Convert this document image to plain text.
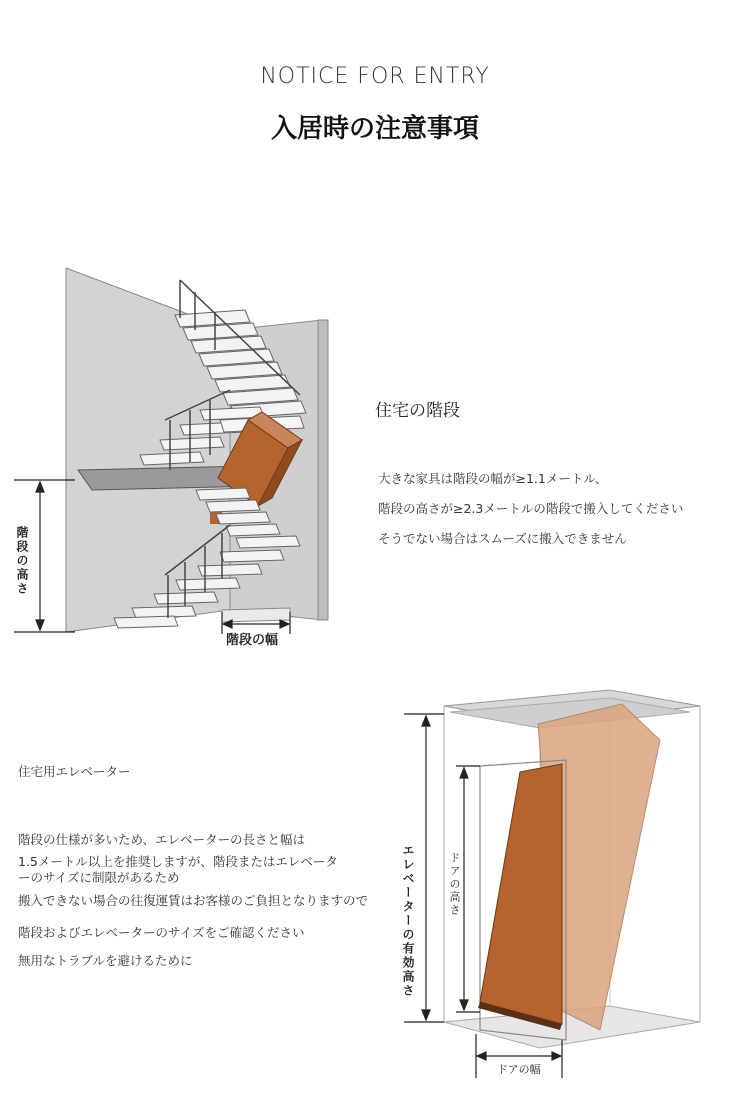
NOTICE FOR ENTRY
入居時の注意事項
住宅の階段
大きな家具は階段の幅が≥1.1メートル、
階段の高さが≥2.3メートルの階段で搬入してください
そうでない場合はスムーズに搬入できません
階段の高さ
階段の幅
住宅用エレベーター
階段の仕様が多いため、エレベーターの長さと幅は
1.5メートル以上を推奨しますが、階段またはエレベータ
ーのサイズに制限があるため
搬入できない場合の往復運賃はお客様のご負担となりますので
階段およびエレベーターのサイズをご確認ください
無用なトラブルを避けるために	エレベーターの有効高さ	ドアの高さ
ドアの幅
